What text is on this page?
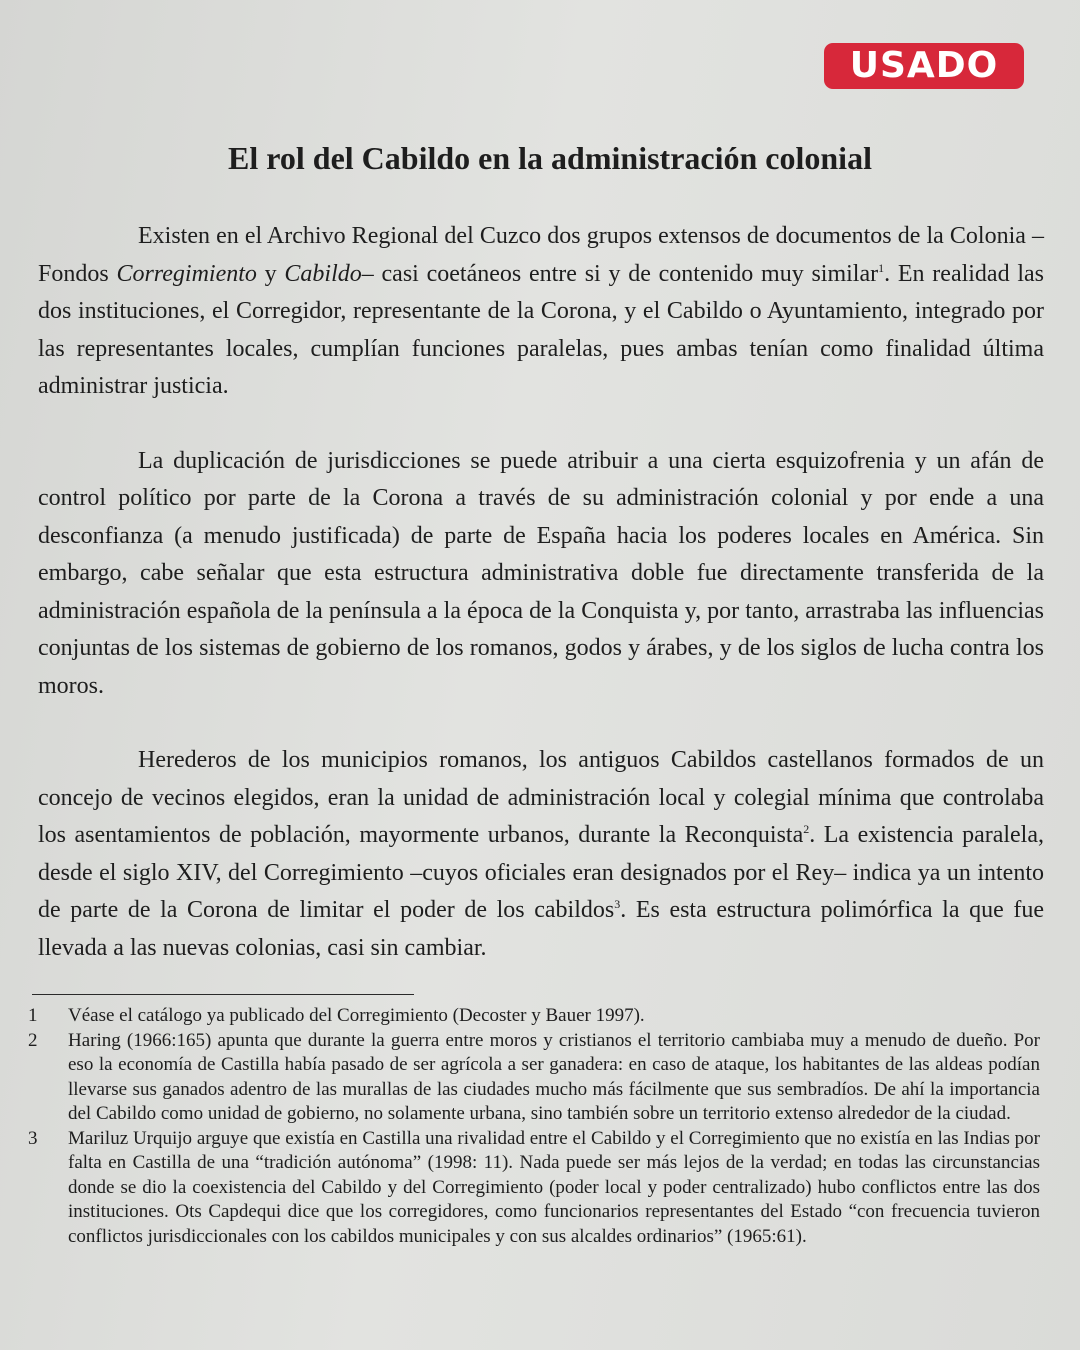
USADO
El rol del Cabildo en la administración colonial

Existen en el Archivo Regional del Cuzco dos grupos extensos de documentos de la Colonia –Fondos Corregimiento y Cabildo– casi coetáneos entre si y de contenido muy similar$^1$. En realidad las dos instituciones, el Corregidor, representante de la Corona, y el Cabildo o Ayuntamiento, integrado por las representantes locales, cumplían funciones paralelas, pues ambas tenían como finalidad última administrar justicia.

La duplicación de jurisdicciones se puede atribuir a una cierta esquizofrenia y un afán de control político por parte de la Corona a través de su administración colonial y por ende a una desconfianza (a menudo justificada) de parte de España hacia los poderes locales en América. Sin embargo, cabe señalar que esta estructura administrativa doble fue directamente transferida de la administración española de la península a la época de la Conquista y, por tanto, arrastraba las influencias conjuntas de los sistemas de gobierno de los romanos, godos y árabes, y de los siglos de lucha contra los moros.

Herederos de los municipios romanos, los antiguos Cabildos castellanos formados de un concejo de vecinos elegidos, eran la unidad de administración local y colegial mínima que controlaba los asentamientos de población, mayormente urbanos, durante la Reconquista$^2$. La existencia paralela, desde el siglo XIV, del Corregimiento –cuyos oficiales eran designados por el Rey– indica ya un intento de parte de la Corona de limitar el poder de los cabildos$^3$. Es esta estructura polimórfica la que fue llevada a las nuevas colonias, casi sin cambiar.

1	Véase el catálogo ya publicado del Corregimiento (Decoster y Bauer 1997).
2	Haring (1966:165) apunta que durante la guerra entre moros y cristianos el territorio cambiaba muy a menudo de dueño. Por eso la economía de Castilla había pasado de ser agrícola a ser ganadera: en caso de ataque, los habitantes de las aldeas podían llevarse sus ganados adentro de las murallas de las ciudades mucho más fácilmente que sus sembradíos. De ahí la importancia del Cabildo como unidad de gobierno, no solamente urbana, sino también sobre un territorio extenso alrededor de la ciudad.
3	Mariluz Urquijo arguye que existía en Castilla una rivalidad entre el Cabildo y el Corregimiento que no existía en las Indias por falta en Castilla de una “tradición autónoma” (1998: 11). Nada puede ser más lejos de la verdad; en todas las circunstancias donde se dio la coexistencia del Cabildo y del Corregimiento (poder local y poder centralizado) hubo conflictos entre las dos instituciones. Ots Capdequi dice que los corregidores, como funcionarios representantes del Estado “con frecuencia tuvieron conflictos jurisdiccionales con los cabildos municipales y con sus alcaldes ordinarios” (1965:61).
